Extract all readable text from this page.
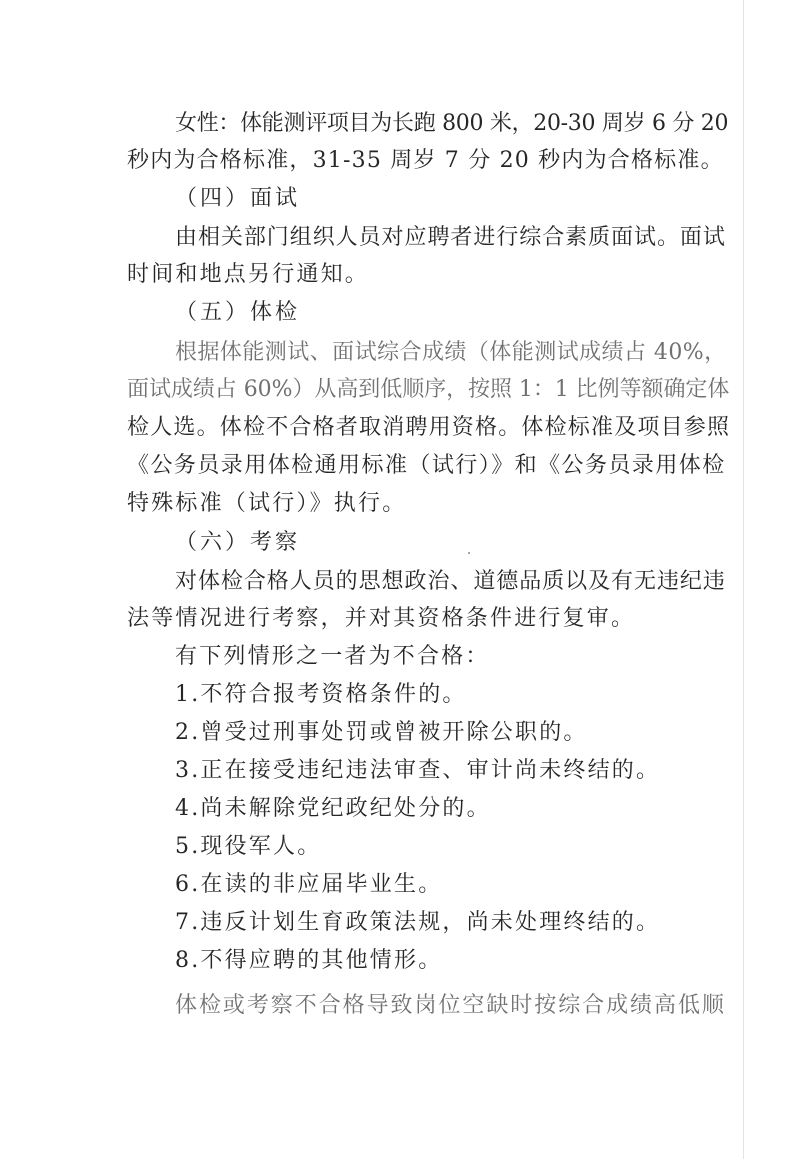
女性：体能测评项目为长跑 800 米，20-30 周岁 6 分 20
秒内为合格标准，31-35 周岁 7 分 20 秒内为合格标准。
（四）面试
由相关部门组织人员对应聘者进行综合素质面试。面试
时间和地点另行通知。
（五）体检
根据体能测试、面试综合成绩（体能测试成绩占 40%，
面试成绩占 60%）从高到低顺序，按照 1：1 比例等额确定体
检人选。体检不合格者取消聘用资格。体检标准及项目参照
《公务员录用体检通用标准（试行）》和《公务员录用体检
特殊标准（试行）》执行。
（六）考察
对体检合格人员的思想政治、道德品质以及有无违纪违
法等情况进行考察，并对其资格条件进行复审。
有下列情形之一者为不合格：
1.不符合报考资格条件的。
2.曾受过刑事处罚或曾被开除公职的。
3.正在接受违纪违法审查、审计尚未终结的。
4.尚未解除党纪政纪处分的。
5.现役军人。
6.在读的非应届毕业生。
7.违反计划生育政策法规，尚未处理终结的。
8.不得应聘的其他情形。
体检或考察不合格导致岗位空缺时按综合成绩高低顺
